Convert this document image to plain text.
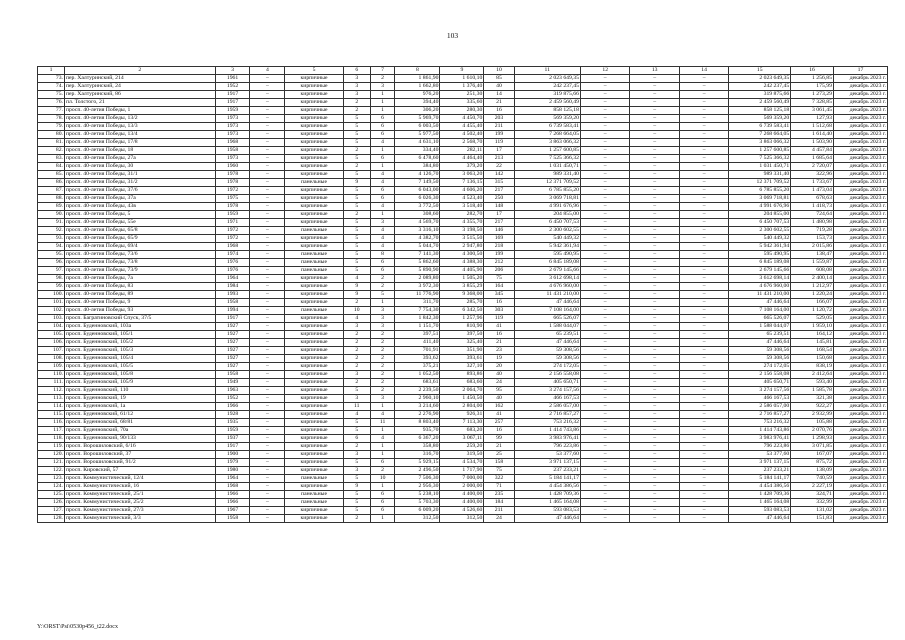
103
1	2	3	4	5	6	7	8	9	10	11	12	13	14	15	16	17
73.	пер. Халтуринский, 214	1961	–	кирпичные	3	2	1 861,90	1 610,10	85	2 023 649,35	–	–	–	2 023 649,35	1 256,85	декабрь 2023 г.
74.	пер. Халтуринский, 24	1952	–	кирпичные	3	3	1 662,80	1 376,40	40	242 237,45	–	–	–	242 237,45	175,99	декабрь 2023 г.
75.	пер. Халтуринский, 86	1917	–	кирпичные	3	1	976,20	251,30	14	319 875,66	–	–	–	319 875,66	1 273,29	декабрь 2023 г.
76.	пл. Толстого, 21	1917	–	кирпичные	2	1	394,40	335,60	21	2 459 560,49	–	–	–	2 459 560,49	7 328,85	декабрь 2023 г.
77.	просп. 40-летия Победы, 1	1959	–	кирпичные	2	1	306,20	280,30	16	858 125,18	–	–	–	858 125,18	3 061,45	декабрь 2023 г.
78.	просп. 40-летия Победы, 13/2	1973	–	кирпичные	5	6	5 969,70	4 450,70	203	569 359,20	–	–	–	569 359,20	127,93	декабрь 2023 г.
79.	просп. 40-летия Победы, 13/3	1973	–	кирпичные	5	6	6 003,50	4 455,40	211	6 739 583,41	–	–	–	6 739 583,41	1 512,68	декабрь 2023 г.
80.	просп. 40-летия Победы, 13/4	1973	–	кирпичные	5	6	5 977,50	4 502,40	199	7 268 664,05	–	–	–	7 268 664,05	1 614,40	декабрь 2023 г.
81.	просп. 40-летия Победы, 17/8	1968	–	кирпичные	5	4	4 631,10	2 568,70	119	3 863 066,32	–	–	–	3 863 066,32	1 503,90	декабрь 2023 г.
82.	просп. 40-летия Победы, 18	1958	–	кирпичные	2	1	334,40	282,11	17	1 257 600,85	–	–	–	1 257 600,85	4 457,84	декабрь 2023 г.
83.	просп. 40-летия Победы, 27а	1973	–	кирпичные	5	6	6 478,60	4 464,40	213	7 525 366,32	–	–	–	7 525 366,32	1 685,64	декабрь 2023 г.
84.	просп. 40-летия Победы, 30	1960	–	кирпичные	2	1	384,80	379,20	22	1 031 450,71	–	–	–	1 031 450,71	2 720,07	декабрь 2023 г.
85.	просп. 40-летия Победы, 31/1	1978	–	кирпичные	5	4	4 126,70	3 063,20	142	989 331,40	–	–	–	989 331,40	322,96	декабрь 2023 г.
86.	просп. 40-летия Победы, 31/2	1978	–	панельные	9	4	7 149,50	7 136,15	315	12 371 709,52	–	–	–	12 371 709,52	1 733,67	декабрь 2023 г.
87.	просп. 40-летия Победы, 37/6	1972	–	кирпичные	5	6	6 043,00	4 606,20	217	6 785 855,20	–	–	–	6 785 855,20	1 473,04	декабрь 2023 г.
88.	просп. 40-летия Победы, 37а	1975	–	кирпичные	5	6	6 026,30	4 523,40	250	3 069 718,81	–	–	–	3 069 718,81	678,63	декабрь 2023 г.
89.	просп. 40-летия Победы, 43в	1978	–	кирпичные	5	4	3 772,50	3 518,40	148	4 991 676,96	–	–	–	4 991 676,96	1 418,73	декабрь 2023 г.
90.	просп. 40-летия Победы, 5	1959	–	кирпичные	2	1	308,60	282,70	17	204 855,00	–	–	–	204 855,00	724,64	декабрь 2023 г.
91.	просп. 40-летия Победы, 55е	1971	–	кирпичные	5	3	4 569,70	4 355,70	217	6 450 707,53	–	–	–	6 450 707,53	1 480,98	декабрь 2023 г.
92.	просп. 40-летия Победы, 65/8	1972	–	панельные	5	4	3 316,10	3 198,50	146	2 300 602,55	–	–	–	2 300 602,55	719,28	декабрь 2023 г.
93.	просп. 40-летия Победы, 65/9	1972	–	кирпичные	5	4	4 382,70	3 515,50	169	540 449,32	–	–	–	540 449,32	153,73	декабрь 2023 г.
94.	просп. 40-летия Победы, 69/4	1968	–	кирпичные	5	4	5 044,70	2 947,80	218	5 942 361,94	–	–	–	5 942 361,94	2 015,86	декабрь 2023 г.
95.	просп. 40-летия Победы, 73/6	1974	–	панельные	5	8	7 141,30	4 300,50	199	595 490,95	–	–	–	595 490,95	138,47	декабрь 2023 г.
96.	просп. 40-летия Победы, 73/8	1976	–	панельные	5	6	5 862,60	4 388,30	212	6 845 189,08	–	–	–	6 845 189,08	1 559,87	декабрь 2023 г.
97.	просп. 40-летия Победы, 73/9	1976	–	панельные	5	6	5 890,90	4 405,90	206	2 679 145,66	–	–	–	2 679 145,66	608,08	декабрь 2023 г.
98.	просп. 40-летия Победы, 7а	1964	–	кирпичные	4	2	2 089,80	1 505,20	75	3 612 698,14	–	–	–	3 612 698,14	2 400,14	декабрь 2023 г.
99.	просп. 40-летия Победы, 83	1984	–	кирпичные	9	2	3 972,30	3 855,29	164	4 676 960,00	–	–	–	4 676 960,00	1 212,97	декабрь 2023 г.
100.	просп. 40-летия Победы, 89	1993	–	кирпичные	9	5	11 776,90	9 368,00	345	11 431 210,00	–	–	–	11 431 210,00	1 220,24	декабрь 2023 г.
101.	просп. 40-летия Победы, 9	1958	–	кирпичные	2	1	311,70	285,70	16	47 446,64	–	–	–	47 446,64	166,07	декабрь 2023 г.
102.	просп. 40-летия Победы, 93	1994	–	панельные	10	3	7 754,30	6 342,50	303	7 108 164,00	–	–	–	7 108 164,00	1 120,72	декабрь 2023 г.
103.	просп. Багратиновский Спуск, 37/5	1917	–	кирпичные	4	3	1 842,30	1 257,96	119	665 526,07	–	–	–	665 526,07	529,05	декабрь 2023 г.
104.	просп. Буденновский, 103а	1927	–	кирпичные	3	3	1 151,70	810,90	41	1 588 044,07	–	–	–	1 588 044,07	1 959,10	декабрь 2023 г.
105.	просп. Буденновский, 105/1	1927	–	кирпичные	2	2	397,51	397,50	16	65 239,51	–	–	–	65 239,51	164,12	декабрь 2023 г.
106.	просп. Буденновский, 105/2	1927	–	кирпичные	2	2	411,40	325,40	21	47 446,64	–	–	–	47 446,64	145,81	декабрь 2023 г.
107.	просп. Буденновский, 105/3	1927	–	кирпичные	2	2	701,91	351,90	23	59 308,56	–	–	–	59 308,56	168,54	декабрь 2023 г.
108.	просп. Буденновский, 105/4	1927	–	кирпичные	2	2	393,62	393,61	19	59 308,56	–	–	–	59 308,56	150,68	декабрь 2023 г.
109.	просп. Буденновский, 105/5	1927	–	кирпичные	2	2	375,21	327,10	20	274 172,05	–	–	–	274 172,05	838,19	декабрь 2023 г.
110.	просп. Буденновский, 105/8	1958	–	кирпичные	3	2	1 052,50	893,86	40	2 156 558,08	–	–	–	2 156 558,08	2 412,64	декабрь 2023 г.
111.	просп. Буденновский, 105/9	1949	–	кирпичные	2	2	683,61	683,60	24	405 650,71	–	–	–	405 650,71	593,40	декабрь 2023 г.
112.	просп. Буденновский, 110	1963	–	кирпичные	5	2	2 239,50	2 064,70	95	3 274 157,56	–	–	–	3 274 157,56	1 585,78	декабрь 2023 г.
113.	просп. Буденновский, 19	1952	–	кирпичные	3	3	2 960,10	1 450,50	40	466 167,53	–	–	–	466 167,53	321,38	декабрь 2023 г.
114.	просп. Буденновский, 1а	1966	–	кирпичные	11	1	3 214,60	2 804,00	162	2 586 057,00	–	–	–	2 586 057,00	922,27	декабрь 2023 г.
115.	просп. Буденновский, 61/12	1928	–	кирпичные	4	4	2 276,90	926,31	41	2 716 857,27	–	–	–	2 716 857,27	2 932,99	декабрь 2023 г.
116.	просп. Буденновский, 68/81	1935	–	кирпичные	5	11	8 803,40	7 113,30	257	753 216,32	–	–	–	753 216,32	105,88	декабрь 2023 г.
117.	просп. Буденновский, 70а	1959	–	кирпичные	5	1	935,70	683,20	16	1 414 743,86	–	–	–	1 414 743,86	2 070,76	декабрь 2023 г.
118.	просп. Буденновский, 90/133	1937	–	кирпичные	6	4	6 367,20	3 067,11	99	3 983 976,41	–	–	–	3 983 976,41	1 298,93	декабрь 2023 г.
119.	просп. Ворошиловский, 6/16	1917	–	кирпичные	2	1	358,80	259,20	21	796 223,86	–	–	–	796 223,86	3 071,85	декабрь 2023 г.
120.	просп. Ворошиловский, 37	1900	–	кирпичные	3	1	316,70	319,50	25	53 377,60	–	–	–	53 377,60	167,07	декабрь 2023 г.
121.	просп. Ворошиловский, 91/2	1979	–	кирпичные	5	6	5 929,15	4 534,70	158	3 971 137,15	–	–	–	3 971 137,15	875,72	декабрь 2023 г.
122.	просп. Кировский, 57	1980	–	кирпичные	3	2	2 496,50	1 717,90	75	237 233,21	–	–	–	237 233,21	138,09	декабрь 2023 г.
123.	просп. Коммунистический, 12/4	1964	–	панельные	5	10	7 506,30	7 000,00	322	5 184 141,17	–	–	–	5 184 141,17	740,59	декабрь 2023 г.
124.	просп. Коммунистический, 16	1968	–	кирпичные	9	1	2 956,30	2 000,00	71	4 454 386,56	–	–	–	4 454 386,56	2 227,19	декабрь 2023 г.
125.	просп. Коммунистический, 25/1	1966	–	панельные	5	6	5 238,10	4 400,00	235	1 428 709,36	–	–	–	1 428 709,36	324,71	декабрь 2023 г.
126.	просп. Коммунистический, 25/2	1966	–	панельные	5	6	5 703,30	4 400,00	184	1 465 164,08	–	–	–	1 465 164,08	332,99	декабрь 2023 г.
127.	просп. Коммунистический, 27/3	1967	–	кирпичные	5	6	6 009,20	4 526,60	211	593 083,53	–	–	–	593 083,53	131,02	декабрь 2023 г.
128.	просп. Коммунистический, 3/3	1958	–	кирпичные	2	1	312,50	312,50	24	47 446,64	–	–	–	47 446,64	151,83	декабрь 2023 г.
Y:\ORST\Psi\0530p456_t22.docx
